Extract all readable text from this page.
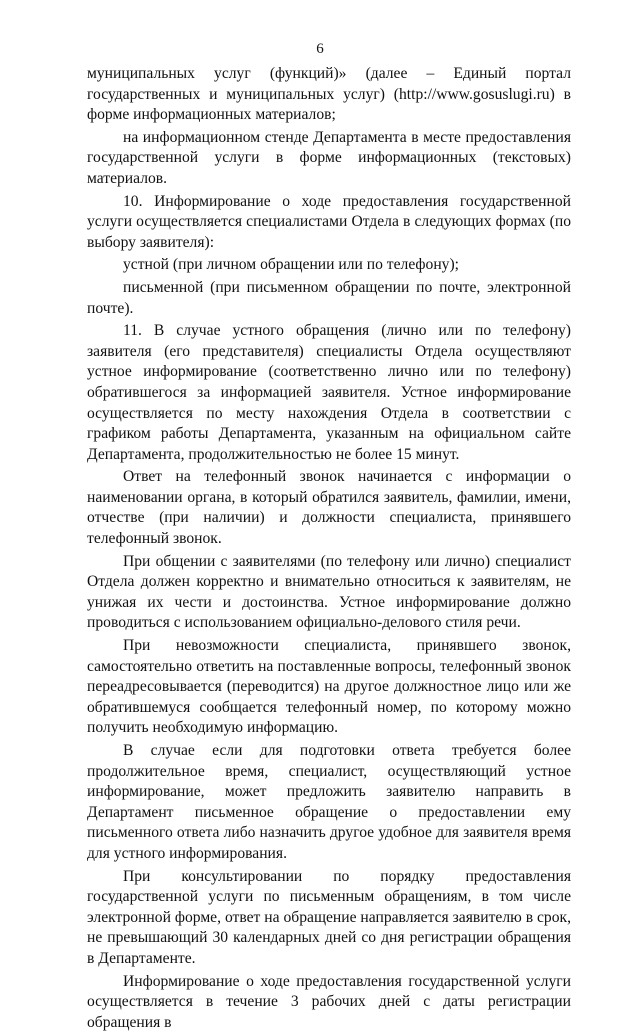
6

муниципальных услуг (функций)» (далее – Единый портал государственных и муниципальных услуг) (http://www.gosuslugi.ru) в форме информационных материалов;

на информационном стенде Департамента в месте предоставления государственной услуги в форме информационных (текстовых) материалов.

10. Информирование о ходе предоставления государственной услуги осуществляется специалистами Отдела в следующих формах (по выбору заявителя):

устной (при личном обращении или по телефону);

письменной (при письменном обращении по почте, электронной почте).

11. В случае устного обращения (лично или по телефону) заявителя (его представителя) специалисты Отдела осуществляют устное информирование (соответственно лично или по телефону) обратившегося за информацией заявителя. Устное информирование осуществляется по месту нахождения Отдела в соответствии с графиком работы Департамента, указанным на официальном сайте Департамента, продолжительностью не более 15 минут.

Ответ на телефонный звонок начинается с информации о наименовании органа, в который обратился заявитель, фамилии, имени, отчестве (при наличии) и должности специалиста, принявшего телефонный звонок.

При общении с заявителями (по телефону или лично) специалист Отдела должен корректно и внимательно относиться к заявителям, не унижая их чести и достоинства. Устное информирование должно проводиться с использованием официально-делового стиля речи.

При невозможности специалиста, принявшего звонок, самостоятельно ответить на поставленные вопросы, телефонный звонок переадресовывается (переводится) на другое должностное лицо или же обратившемуся сообщается телефонный номер, по которому можно получить необходимую информацию.

В случае если для подготовки ответа требуется более продолжительное время, специалист, осуществляющий устное информирование, может предложить заявителю направить в Департамент письменное обращение о предоставлении ему письменного ответа либо назначить другое удобное для заявителя время для устного информирования.

При консультировании по порядку предоставления государственной услуги по письменным обращениям, в том числе электронной форме, ответ на обращение направляется заявителю в срок, не превышающий 30 календарных дней со дня регистрации обращения в Департаменте.

Информирование о ходе предоставления государственной услуги осуществляется в течение 3 рабочих дней с даты регистрации обращения в
